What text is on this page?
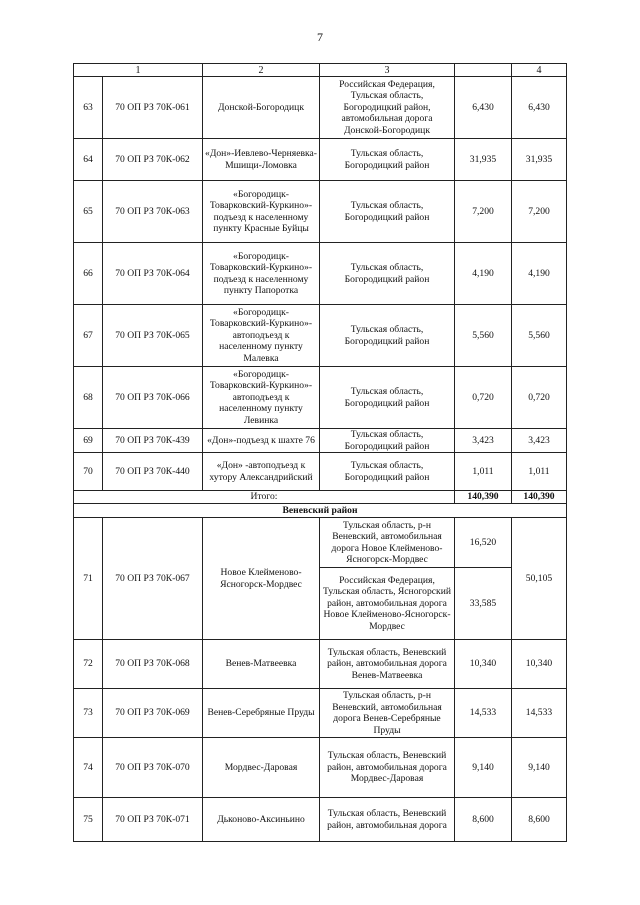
7
1		2	3		4
63	70 ОП РЗ 70К-061	Донской-Богородицк	Российская Федерация, Тульская область, Богородицкий район, автомобильная дорога Донской-Богородицк	6,430	6,430
64	70 ОП РЗ 70К-062	«Дон»-Иевлево-Черняевка-Мшищи-Ломовка	Тульская область, Богородицкий район	31,935	31,935
65	70 ОП РЗ 70К-063	«Богородицк-Товарковский-Куркино»-подъезд к населенному пункту Красные Буйцы	Тульская область, Богородицкий район	7,200	7,200
66	70 ОП РЗ 70К-064	«Богородицк-Товарковский-Куркино»-подъезд к населенному пункту Папоротка	Тульская область, Богородицкий район	4,190	4,190
67	70 ОП РЗ 70К-065	«Богородицк-Товарковский-Куркино»-автоподъезд к населенному пункту Малевка	Тульская область, Богородицкий район	5,560	5,560
68	70 ОП РЗ 70К-066	«Богородицк-Товарковский-Куркино»-автоподъезд к населенному пункту Левинка	Тульская область, Богородицкий район	0,720	0,720
69	70 ОП РЗ 70К-439	«Дон»-подъезд к шахте 76	Тульская область, Богородицкий район	3,423	3,423
70	70 ОП РЗ 70К-440	«Дон» -автоподъезд к хутору Александрийский	Тульская область, Богородицкий район	1,011	1,011
Итого:				140,390	140,390
Веневский район					
71	70 ОП РЗ 70К-067	Новое Клейменово-Ясногорск-Мордвес	Тульская область, р-н Веневский, автомобильная дорога Новое Клейменово-Ясногорск-Мордвес	16,520	50,105
			Российская Федерация, Тульская область, Ясногорский район, автомобильная дорога Новое Клейменово-Ясногорск-Мордвес	33,585	
72	70 ОП РЗ 70К-068	Венев-Матвеевка	Тульская область, Веневский район, автомобильная дорога Венев-Матвеевка	10,340	10,340
73	70 ОП РЗ 70К-069	Венев-Серебряные Пруды	Тульская область, р-н Веневский, автомобильная дорога Венев-Серебряные Пруды	14,533	14,533
74	70 ОП РЗ 70К-070	Мордвес-Даровая	Тульская область, Веневский район, автомобильная дорога Мордвес-Даровая	9,140	9,140
75	70 ОП РЗ 70К-071	Дьконово-Аксиньино	Тульская область, Веневский район, автомобильная дорога	8,600	8,600
